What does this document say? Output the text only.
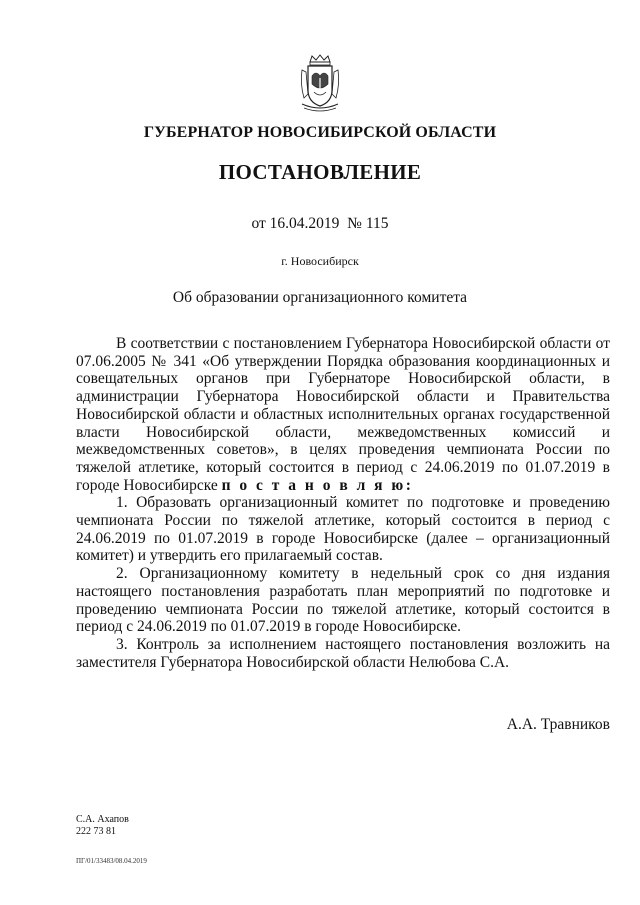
ГУБЕРНАТОР НОВОСИБИРСКОЙ ОБЛАСТИ
ПОСТАНОВЛЕНИЕ
от 16.04.2019 № 115
г. Новосибирск
Об образовании организационного комитета

В соответствии с постановлением Губернатора Новосибирской области от 07.06.2005 № 341 «Об утверждении Порядка образования координационных и совещательных органов при Губернаторе Новосибирской области, в администрации Губернатора Новосибирской области и Правительства Новосибирской области и областных исполнительных органах государственной власти Новосибирской области, межведомственных комиссий и межведомственных советов», в целях проведения чемпионата России по тяжелой атлетике, который состоится в период с 24.06.2019 по 01.07.2019 в городе Новосибирске п о с т а н о в л я ю:

1. Образовать организационный комитет по подготовке и проведению чемпионата России по тяжелой атлетике, который состоится в период с 24.06.2019 по 01.07.2019 в городе Новосибирске (далее – организационный комитет) и утвердить его прилагаемый состав.

2. Организационному комитету в недельный срок со дня издания настоящего постановления разработать план мероприятий по подготовке и проведению чемпионата России по тяжелой атлетике, который состоится в период с 24.06.2019 по 01.07.2019 в городе Новосибирске.

3. Контроль за исполнением настоящего постановления возложить на заместителя Губернатора Новосибирской области Нелюбова С.А.

А.А. Травников
С.А. Ахапов
222 73 81
ПГ/01/33483/08.04.2019
